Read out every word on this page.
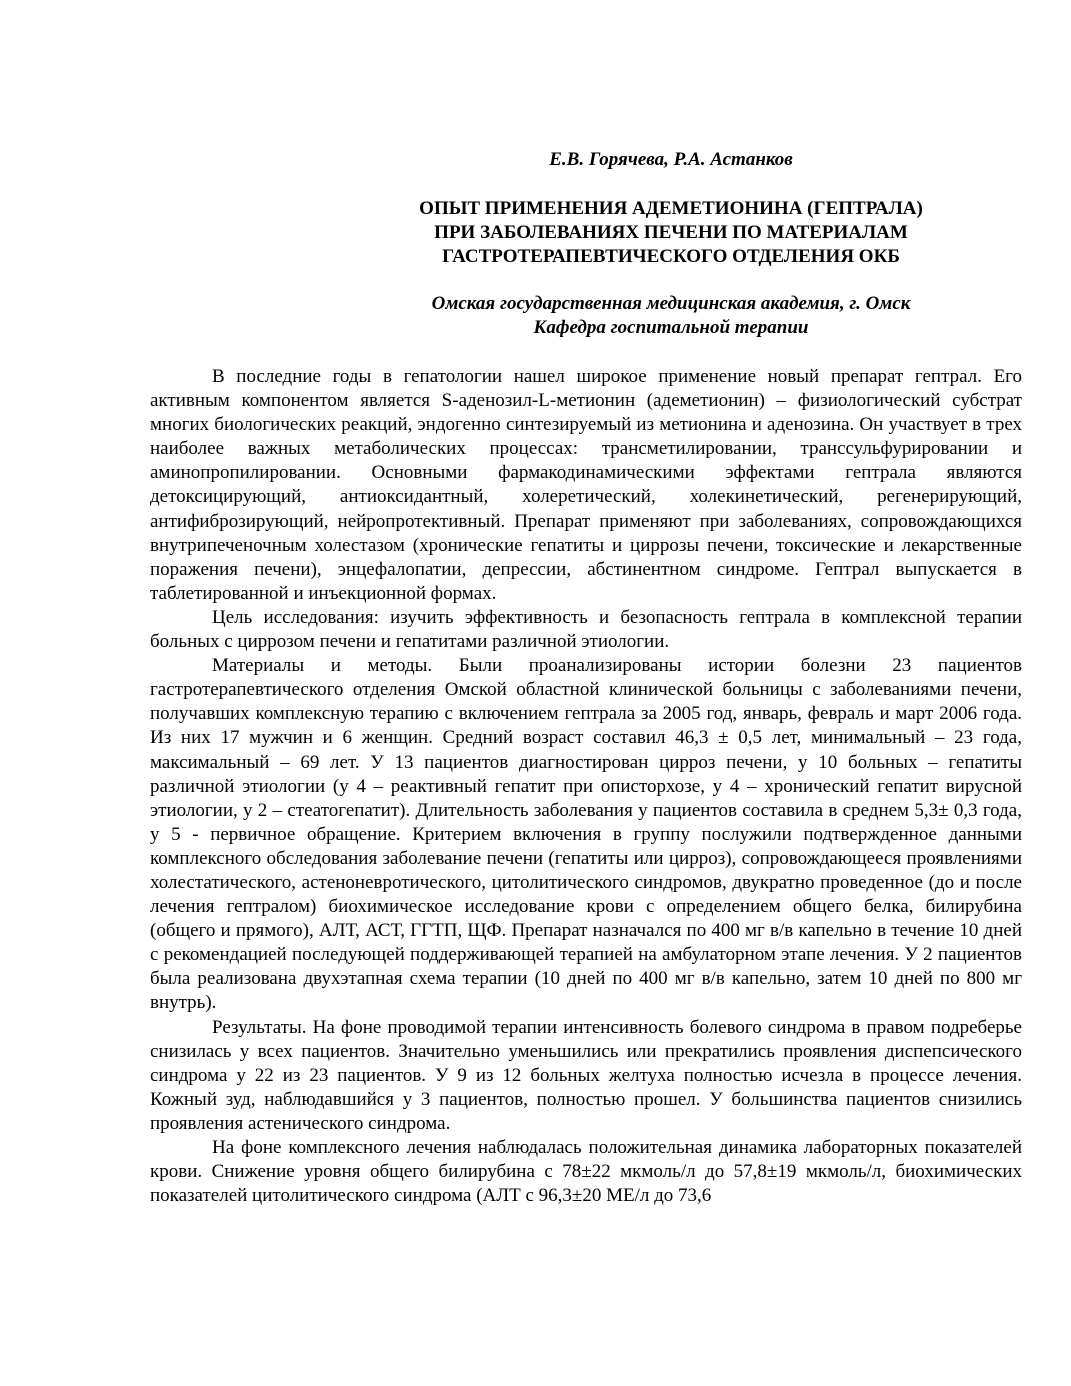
Е.В. Горячева, Р.А. Астанков
ОПЫТ ПРИМЕНЕНИЯ АДЕМЕТИОНИНА (ГЕПТРАЛА)
ПРИ ЗАБОЛЕВАНИЯХ ПЕЧЕНИ ПО МАТЕРИАЛАМ
ГАСТРОТЕРАПЕВТИЧЕСКОГО ОТДЕЛЕНИЯ ОКБ
Омская государственная медицинская академия, г. Омск
Кафедра госпитальной терапии

В последние годы в гепатологии нашел широкое применение новый препарат гептрал. Его активным компонентом является S-аденозил-L-метионин (адеметионин) – физиологический субстрат многих биологических реакций, эндогенно синтезируемый из метионина и аденозина. Он участвует в трех наиболее важных метаболических процессах: трансметилировании, транссульфурировании и аминопропилировании. Основными фармакодинамическими эффектами гептрала являются детоксицирующий, антиоксидантный, холеретический, холекинетический, регенерирующий, антифиброзирующий, нейропротективный. Препарат применяют при заболеваниях, сопровождающихся внутрипеченочным холестазом (хронические гепатиты и циррозы печени, токсические и лекарственные поражения печени), энцефалопатии, депрессии, абстинентном синдроме. Гептрал выпускается в таблетированной и инъекционной формах.

Цель исследования: изучить эффективность и безопасность гептрала в комплексной терапии больных с циррозом печени и гепатитами различной этиологии.

Материалы и методы. Были проанализированы истории болезни 23 пациентов гастротерапевтического отделения Омской областной клинической больницы с заболеваниями печени, получавших комплексную терапию с включением гептрала за 2005 год, январь, февраль и март 2006 года. Из них 17 мужчин и 6 женщин. Средний возраст составил 46,3 ± 0,5 лет, минимальный – 23 года, максимальный – 69 лет. У 13 пациентов диагностирован цирроз печени, у 10 больных – гепатиты различной этиологии (у 4 – реактивный гепатит при описторхозе, у 4 – хронический гепатит вирусной этиологии, у 2 – стеатогепатит). Длительность заболевания у пациентов составила в среднем 5,3± 0,3 года, у 5 - первичное обращение. Критерием включения в группу послужили подтвержденное данными комплексного обследования заболевание печени (гепатиты или цирроз), сопровождающееся проявлениями холестатического, астеноневротического, цитолитического синдромов, двукратно проведенное (до и после лечения гептралом) биохимическое исследование крови с определением общего белка, билирубина (общего и прямого), АЛТ, АСТ, ГГТП, ЩФ. Препарат назначался по 400 мг в/в капельно в течение 10 дней с рекомендацией последующей поддерживающей терапией на амбулаторном этапе лечения. У 2 пациентов была реализована двухэтапная схема терапии (10 дней по 400 мг в/в капельно, затем 10 дней по 800 мг внутрь).

Результаты. На фоне проводимой терапии интенсивность болевого синдрома в правом подреберье снизилась у всех пациентов. Значительно уменьшились или прекратились проявления диспепсического синдрома у 22 из 23 пациентов. У 9 из 12 больных желтуха полностью исчезла в процессе лечения. Кожный зуд, наблюдавшийся у 3 пациентов, полностью прошел. У большинства пациентов снизились проявления астенического синдрома.

На фоне комплексного лечения наблюдалась положительная динамика лабораторных показателей крови. Снижение уровня общего билирубина с 78±22 мкмоль/л до 57,8±19 мкмоль/л, биохимических показателей цитолитического синдрома (АЛТ с 96,3±20 МЕ/л до 73,6
